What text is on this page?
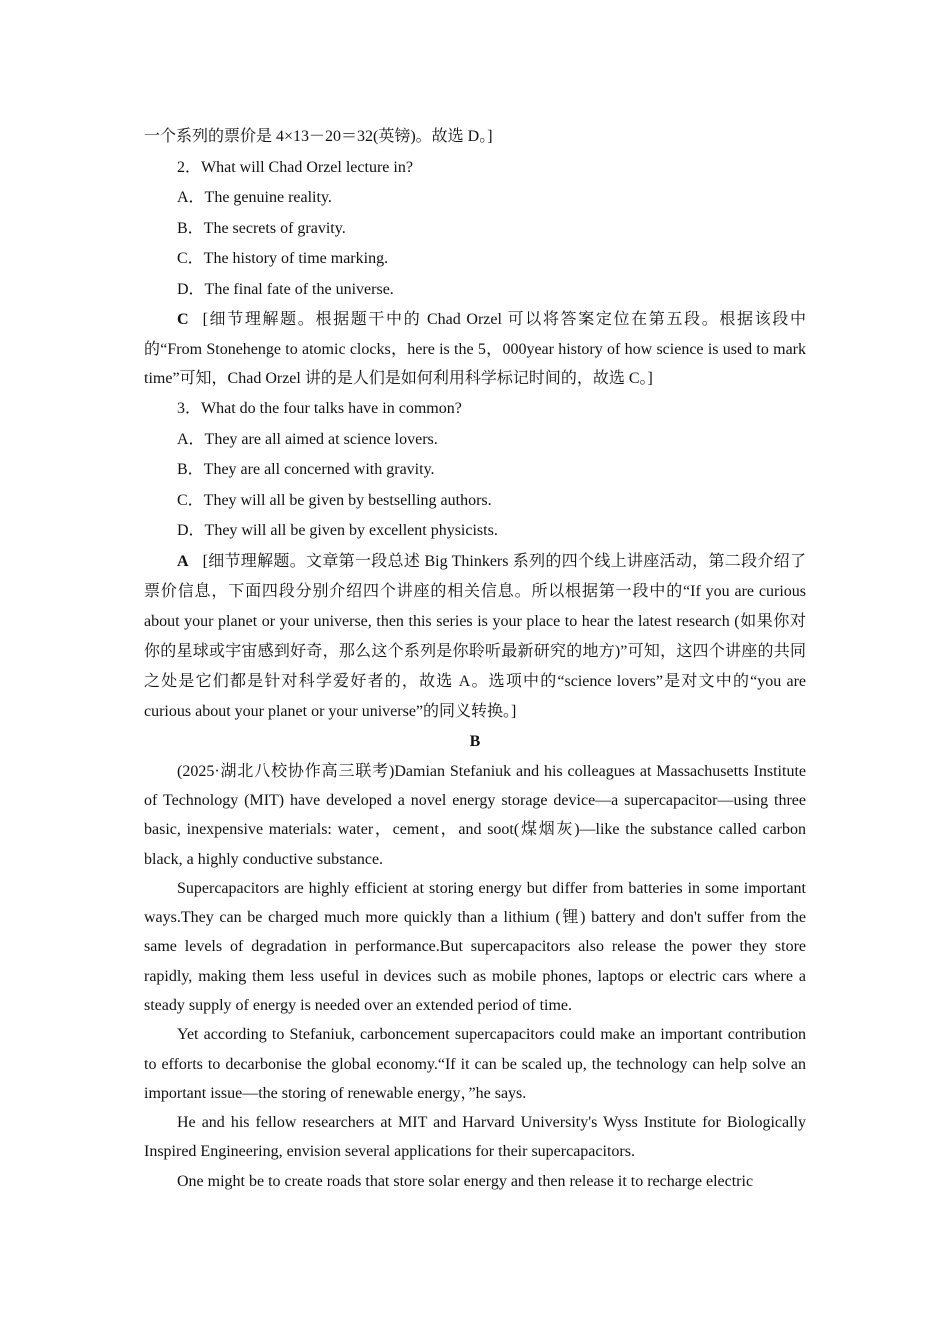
一个系列的票价是 4×13－20＝32(英镑)。故选 D。]
2．What will Chad Orzel lecture in?
A．The genuine reality.
B．The secrets of gravity.
C．The history of time marking.
D．The final fate of the universe.
C [细节理解题。根据题干中的 Chad Orzel 可以将答案定位在第五段。根据该段中的“From Stonehenge to atomic clocks，here is the 5，000year history of how science is used to mark time”可知，Chad Orzel 讲的是人们是如何利用科学标记时间的，故选 C。]
3．What do the four talks have in common?
A．They are all aimed at science lovers.
B．They are all concerned with gravity.
C．They will all be given by bestselling authors.
D．They will all be given by excellent physicists.
A [细节理解题。文章第一段总述 Big Thinkers 系列的四个线上讲座活动，第二段介绍了票价信息，下面四段分别介绍四个讲座的相关信息。所以根据第一段中的“If you are curious about your planet or your universe, then this series is your place to hear the latest research (如果你对你的星球或宇宙感到好奇，那么这个系列是你聆听最新研究的地方)”可知，这四个讲座的共同之处是它们都是针对科学爱好者的，故选 A。选项中的“science lovers”是对文中的“you are curious about your planet or your universe”的同义转换。]
B
(2025·湖北八校协作高三联考)Damian Stefaniuk and his colleagues at Massachusetts Institute of Technology (MIT) have developed a novel energy storage device—a supercapacitor—using three basic, inexpensive materials: water，cement，and soot(煤烟灰)—like the substance called carbon black, a highly conductive substance.
Supercapacitors are highly efficient at storing energy but differ from batteries in some important ways.They can be charged much more quickly than a lithium (锂) battery and don't suffer from the same levels of degradation in performance.But supercapacitors also release the power they store rapidly, making them less useful in devices such as mobile phones, laptops or electric cars where a steady supply of energy is needed over an extended period of time.
Yet according to Stefaniuk, carboncement supercapacitors could make an important contribution to efforts to decarbonise the global economy.“If it can be scaled up, the technology can help solve an important issue—the storing of renewable energy，”he says.
He and his fellow researchers at MIT and Harvard University's Wyss Institute for Biologically Inspired Engineering, envision several applications for their supercapacitors.
One might be to create roads that store solar energy and then release it to recharge electric
